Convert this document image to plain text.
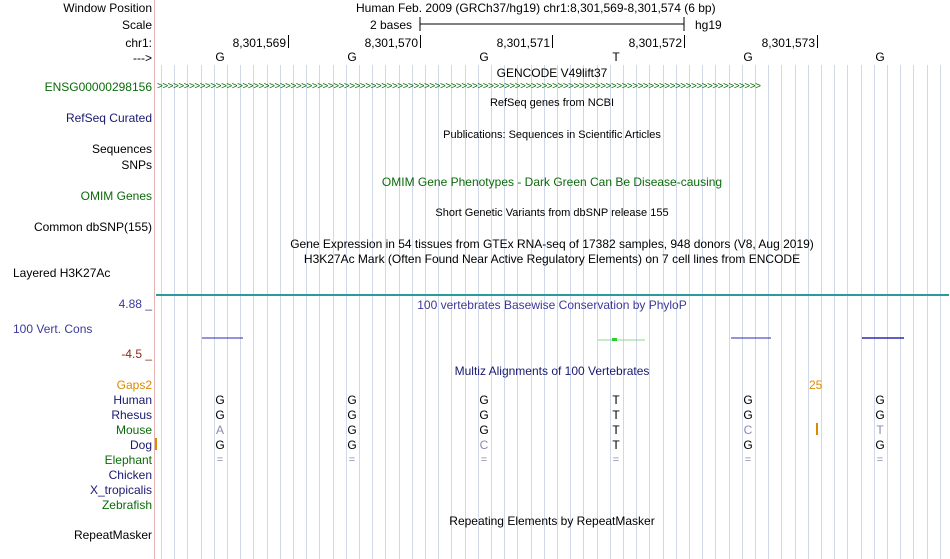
Window Position	Human Feb. 2009 (GRCh37/hg19) chr1:8,301,569-8,301,574 (6 bp)
Scale	2 bases	hg19
chr1:	8,301,569	8,301,570	8,301,571	8,301,572	8,301,573
--->	G	G	G	T	G	G
GENCODE V49lift37
ENSG00000298156 >>>>>>>>>>>>>>>>>>>>>>>>>>>>>>>>>>>>>>>>>>>>>>>>>>>>>>>>>>>>>>>>>>>>>>>>>>>>>>>>>>>>>>>>>>>>>>>>>>>>>>>>>>>>>>>>>
RefSeq genes from NCBI
RefSeq Curated
Publications: Sequences in Scientific Articles
Sequences
SNPs
OMIM Gene Phenotypes - Dark Green Can Be Disease-causing
OMIM Genes
Short Genetic Variants from dbSNP release 155
Common dbSNP(155)
Gene Expression in 54 tissues from GTEx RNA-seq of 17382 samples, 948 donors (V8, Aug 2019)
H3K27Ac Mark (Often Found Near Active Regulatory Elements) on 7 cell lines from ENCODE
Layered H3K27Ac
100 vertebrates Basewise Conservation by PhyloP
4.88 _
100 Vert. Cons
-4.5 _
Multiz Alignments of 100 Vertebrates
Gaps2	25
Human	G	G	G	T	G	G
Rhesus	G	G	G	T	G	G
Mouse	A	G	G	T	C	T
Dog	G	G	C	T	G	G
Elephant	=	=	=	=	=	=
Chicken
X_tropicalis
Zebrafish
Repeating Elements by RepeatMasker
RepeatMasker
